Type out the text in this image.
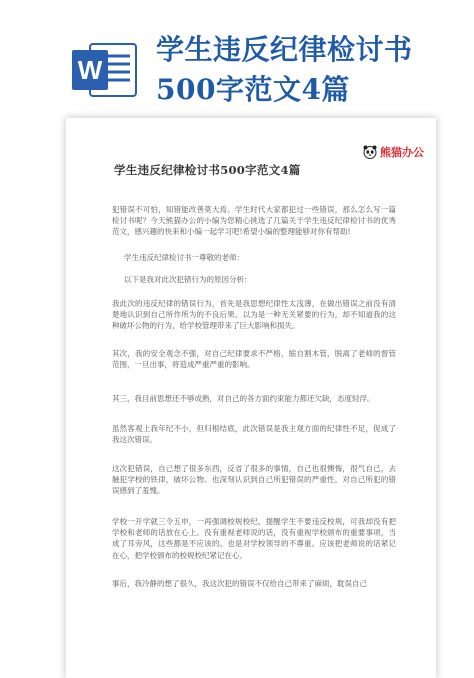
W
学生违反纪律检讨书500字范文4篇
​
熊猫办公
学生违反纪律检讨书500字范文4篇

犯错误不可怕，知错能改善莫大焉。学生时代大家都犯过一些错误，那么怎么写一篇检讨书呢？今天熊猫办公的小编为您精心挑选了几篇关于学生违反纪律检讨书的优秀范文，感兴趣的快来和小编一起学习吧!希望小编的整理能够对你有帮助!

学生违反纪律检讨书一尊敬的老师：

以下是我对此次犯错行为的原因分析：

我此次的违反纪律的错误行为，首先是我思想纪律性太浅薄，在做出错误之前没有清楚地认识到自己所作所为的不良后果。以为是一种无关紧要的行为，却不知道我的这种破坏公物的行为，给学校管理带来了巨大影响和损失。

其次，我的安全观念不强，对自己纪律要求不严格，缩自割木管，脱离了老师的督管范围，一旦出事，将造成严重严重的影响。

其三，我目前思想还不够成熟，对自己的各方面约束能力都还欠缺，态度轻浮。

虽然客观上我年纪不小，但归根结底，此次错误是我主观方面的纪律性不足，促成了我这次错误。

这次犯错误，自己想了很多东西，反省了很多的事情，自己也很懊悔，很气自己，去触犯学校的铁律，破坏公物。也深刻认识到自己所犯错误的严重性，对自己所犯的错误感到了羞愧。

学校一开学就三令五申，一再强调校规校纪，提醒学生不要违反校规，可我却没有把学校和老师的话放在心上。没有重视老师说的话，没有重视学校颁布的重要事项，当成了耳旁风，这些都是不应该的。也是对学校领导的不尊重。应该把老师说的话紧记在心，把学校颁布的校规校纪紧记在心。

事后，我冷静的想了很久，我这次犯的错误不仅给自己带来了麻烦，耽误自己
